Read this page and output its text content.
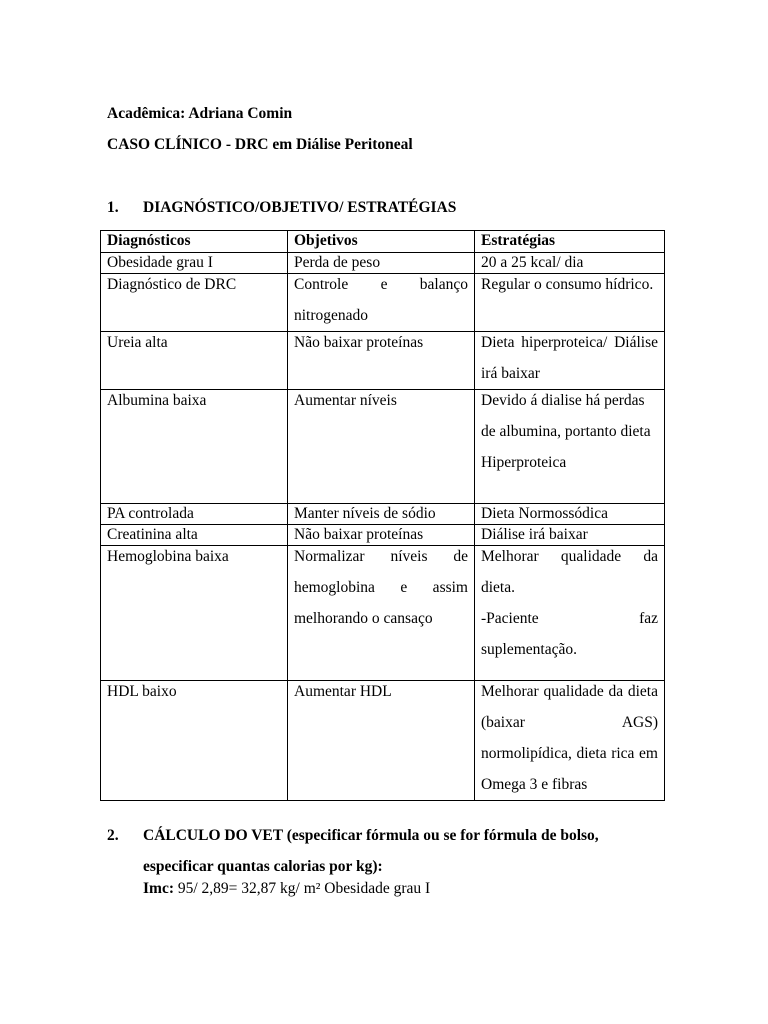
Acadêmica: Adriana Comin
CASO CLÍNICO - DRC em Diálise Peritoneal
1. DIAGNÓSTICO/OBJETIVO/ ESTRATÉGIAS
Diagnósticos	Objetivos	Estratégias
Obesidade grau I	Perda de peso	20 a 25 kcal/ dia

Diagnóstico de DRC	Controle e balanço nitrogenado	Regular o consumo hídrico.

Ureia alta	Não baixar proteínas	Dieta hiperproteica/ Diálise irá baixar

Albumina baixa	Aumentar níveis	Devido á dialise há perdas de albumina, portanto dieta Hiperproteica

PA controlada	Manter níveis de sódio	Dieta Normossódica
Creatinina alta	Não baixar proteínas	Diálise irá baixar

Hemoglobina baixa	Normalizar níveis de hemoglobina e assim melhorando o cansaço	Melhorar qualidade da dieta.
-Paciente faz suplementação.

HDL baixo	Aumentar HDL	Melhorar qualidade da dieta (baixar AGS) normolipídica, dieta rica em Omega 3 e fibras
2.	CÁLCULO DO VET (especificar fórmula ou se for fórmula de bolso, especificar quantas calorias por kg):
Imc: 95/ 2,89= 32,87 kg/ m² Obesidade grau I
